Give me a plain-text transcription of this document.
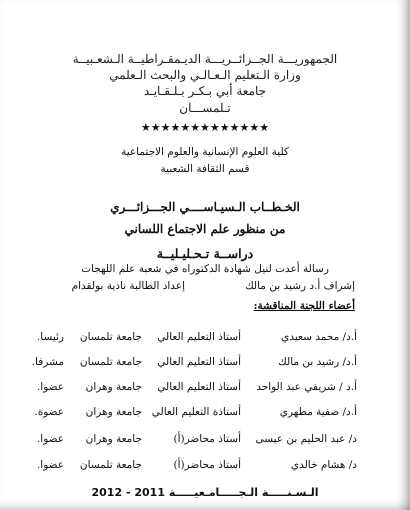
الجمهوريـــة الجــزائــريـــة الديـمقـراطيــة الـشعـبيــة
وزارة الـتعليم الـعـالـي والبحث الـعلمي
جامعة أبي بـكـر بـلـقـايـد
تـلمســـان
★★★★★★★★★★★★★
كلية العلوم الإنسانية والعلوم الاجتماعية
قسم الثقافة الشعبية
الخـطــاب الـسيـاســــي الجـــزائـــري
من منظور علم الاجتماع اللساني
دراســة تـحـليـليــة
رسالة أعدت لنيل شهادة الدكتوراه في شعبة علم اللهجات
إشراف أ.د رشيد بن مالك
إعداد الطالبة نادية بولقدام
أعضاء اللجنة المناقشة:
أ.د/ محمد سعيدي
أستاذ التعليم العالي
جامعة تلمسان
رئيسا.
أ.د/ رشيد بن مالك
أستاذ التعليم العالي
جامعة تلمسان
مشرفا.
أ.د / شريفي عبد الواحد
أستاذ التعليم العالي
جامعة وهران
عضوا.
أ.د/ صفية مطهري
أستاذة التعليم العالي
جامعة وهران
عضوة.
د/ عبد الحليم بن عيسى
أستاذ محاضر(أ)
جامعة وهران
عضوا.
د/ هشام خالدي
أستاذ محاضر(أ)
جامعة تلمسان
عضوا.
الـسـنـــــة الـجـــــامـعيـــــة 2011 - 2012
